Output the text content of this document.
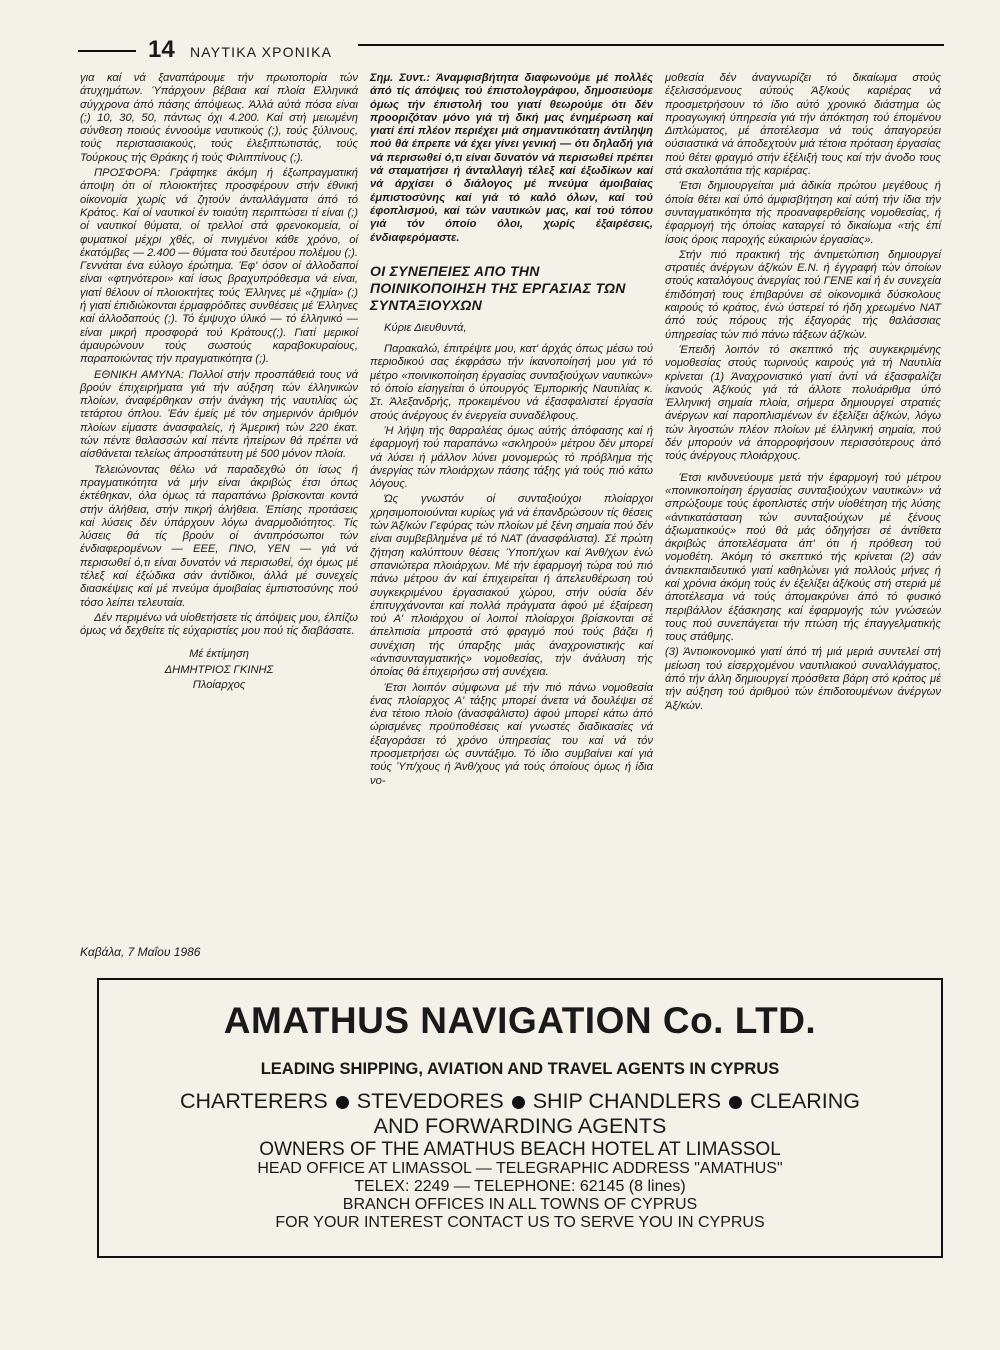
14 ΝΑΥΤΙΚΑ ΧΡΟΝΙΚΑ

για καί νά ξαναπάρουμε τήν πρωτοπορία τών άτυχημάτων. Ύπάρχουν βέβαια καί πλοία Ελληνικά σύγχρονα άπό πάσης άπόψεως. Άλλά αύτά πόσα είναι (;) 10, 30, 50, πάντως όχι 4.200. Καί στή μειωμένη σύνθεση ποιούς έννοούμε ναυτικούς (;), τούς ξύλινους, τούς περιστασιακούς, τούς έλεξιπτωτιστάς, τούς Τούρκους τής Θράκης ή τούς Φιλιππίνους (;).

ΠΡΟΣΦΟΡΑ: Γράφτηκε άκόμη ή έξωπραγματική άποψη ότι οί πλοιοκτήτες προσφέρουν στήν έθνική οίκονομία χωρίς νά ζητούν άνταλλάγματα άπό τό Κράτος. Καί οί ναυτικοί έν τοιαύτη περιπτώσει τί είναι (;) οί ναυτικοί θύματα, οί τρελλοί στά φρενοκομεία, οί φυματικοί μέχρι χθές, οί πνιγμένοι κάθε χρόνο, οί έκατόμβες — 2.400 — θύματα τού δευτέρου πολέμου (;). Γεννάται ένα εύλογο έρώτημα. Έφ' όσον οί άλλοδαποί είναι «φτηνότεροι» καί ίσως βραχυπρόθεσμα νά είναι, γιατί θέλουν οί πλοιοκτήτες τούς Έλληνες μέ «ζημία» (;) ή γιατί έπιδιώκονται έρμαφρόδιτες συνθέσεις μέ Έλληνες καί άλλοδαπούς (;). Τό έμψυχο ύλικό — τό έλληνικό — είναι μικρή προσφορά τού Κράτους(;). Γιατί μερικοί άμαυρώνουν τούς σωστούς καραβοκυραίους, παραποιώντας τήν πραγματικότητα (;).

ΕΘΝΙΚΗ ΑΜΥΝΑ: Πολλοί στήν προσπάθειά τους νά βρούν έπιχειρήματα γιά τήν αύξηση τών έλληνικών πλοίων, άναφέρθηκαν στήν άνάγκη τής ναυτιλίας ώς τετάρτου όπλου. Έάν έμείς μέ τόν σημερινόν άριθμόν πλοίων είμαστε άνασφαλείς, ή Άμερική τών 220 έκατ. τών πέντε θαλασσών καί πέντε ήπείρων θά πρέπει νά αίσθάνεται τελείως άπροστάτευτη μέ 500 μόνον πλοία.

Τελειώνοντας θέλω νά παραδεχθώ ότι ίσως ή πραγματικότητα νά μήν είναι άκριβώς έτσι όπως έκτέθηκαν, όλα όμως τά παραπάνω βρίσκονται κοντά στήν άλήθεια, στήν πικρή άλήθεια. Έπίσης προτάσεις καί λύσεις δέν ύπάρχουν λόγω άναρμοδιότητος. Τίς λύσεις θά τίς βρούν οί άντιπρόσωποι τών ένδιαφερομένων — ΕΕΕ, ΠΝΟ, ΥΕΝ — γιά νά περισωθεί ό,τι είναι δυνατόν νά περισωθεί, όχι όμως μέ τέλεξ καί έξώδικα σάν άντίδικοι, άλλά μέ συνεχείς διασκέψεις καί μέ πνεύμα άμοιβαίας έμπιστοσύνης πού τόσο λείπει τελευταία.

Δέν περιμένω νά υίοθετήσετε τίς άπόψεις μου, έλπίζω όμως νά δεχθείτε τίς εύχαριστίες μου πού τίς διαβάσατε.

Μέ έκτίμηση

ΔΗΜΗΤΡΙΟΣ ΓΚΙΝΗΣ

Πλοίαρχος

Καβάλα, 7 Μαΐου 1986

Σημ. Συντ.: Άναμφισβήτητα διαφωνούμε μέ πολλές άπό τίς άπόψεις τού έπιστολογράφου, δημοσιεύομε όμως τήν έπιστολή του γιατί θεωρούμε ότι δέν προοριζόταν μόνο γιά τή δική μας ένημέρωση καί γιατί έπί πλέον περιέχει μιά σημαντικότατη άντίληψη πού θά έπρεπε νά έχει γίνει γενική — ότι δηλαδή γιά νά περισωθεί ό,τι είναι δυνατόν νά περισωθεί πρέπει νά σταματήσει ή άνταλλαγή τέλεξ καί έξωδίκων καί νά άρχίσει ό διάλογος μέ πνεύμα άμοιβαίας έμπιστοσύνης καί γιά τό καλό όλων, καί τού έφοπλισμού, καί τών ναυτικών μας, καί τού τόπου γιά τόν όποίο όλοι, χωρίς έξαιρέσεις, ένδιαφερόμαστε.

ΟΙ ΣΥΝΕΠΕΙΕΣ ΑΠΟ ΤΗΝ ΠΟΙΝΙΚΟΠΟΙΗΣΗ ΤΗΣ ΕΡΓΑΣΙΑΣ ΤΩΝ ΣΥΝΤΑΞΙΟΥΧΩΝ

Κύριε Διευθυντά,

Παρακαλώ, έπιτρέψτε μου, κατ' άρχάς όπως μέσω τού περιοδικού σας έκφράσω τήν ίκανοποίησή μου γιά τό μέτρο «ποινικοποίηση έργασίας συνταξιούχων ναυτικών» τό όποίο είσηγείται ό ύπουργός Έμπορικής Ναυτιλίας κ. Στ. Άλεξανδρής, προκειμένου νά έξασφαλιστεί έργασία στούς άνέργους έν ένεργεία συναδέλφους.

Ή λήψη τής θαρραλέας όμως αύτής άπόφασης καί ή έφαρμογή τού παραπάνω «σκληρού» μέτρου δέν μπορεί νά λύσει ή μάλλον λύνει μονομερώς τό πρόβλημα τής άνεργίας τών πλοιάρχων πάσης τάξης γιά τούς πιό κάτω λόγους.

Ώς γνωστόν οί συνταξιούχοι πλοίαρχοι χρησιμοποιούνται κυρίως γιά νά έπανδρώσουν τίς θέσεις τών Άξ/κών Γεφύρας τών πλοίων μέ ξένη σημαία πού δέν είναι συμβεβλημένα μέ τό ΝΑΤ (άνασφάλιστα). Σέ πρώτη ζήτηση καλύπτουν θέσεις Ύποπ/χων καί Άνθ/χων ένώ σπανιώτερα πλοιάρχων. Μέ τήν έφαρμογή τώρα τού πιό πάνω μέτρου άν καί έπιχειρείται ή άπελευθέρωση τού συγκεκριμένου έργασιακού χώρου, στήν ούσία δέν έπιτυγχάνονται καί πολλά πράγματα άφού μέ έξαίρεση τού Α' πλοιάρχου οί λοιποί πλοίαρχοι βρίσκονται σέ άπελπισία μπροστά στό φραγμό πού τούς βάζει ή συνέχιση τής ύπαρξης μιάς άναχρονιστικής καί «άντισυνταγματικής» νομοθεσίας, τήν άνάλυση τής όποίας θά έπιχειρήσω στή συνέχεια.

Έτσι λοιπόν σύμφωνα μέ τήν πιό πάνω νομοθεσία ένας πλοίαρχος Α' τάξης μπορεί άνετα νά δουλέψει σέ ένα τέτοιο πλοίο (άνασφάλιστο) άφού μπορεί κάτω άπό ώρισμένες προϋποθέσεις καί γνωστές διαδικασίες νά έξαγοράσει τό χρόνο ύπηρεσίας του καί νά τόν προσμετρήσει ώς συντάξιμο. Τό ίδιο συμβαίνει καί γιά τούς Ύπ/χους ή Άνθ/χους γιά τούς όποίους όμως ή ίδια νο-

μοθεσία δέν άναγνωρίζει τό δικαίωμα στούς έξελισσόμενους αύτούς Άξ/κούς καριέρας νά προσμετρήσουν τό ίδιο αύτό χρονικό διάστημα ώς προαγωγική ύπηρεσία γιά τήν άπόκτηση τού έπομένου Διπλώματος, μέ άποτέλεσμα νά τούς άπαγορεύει ούσιαστικά νά άποδεχτούν μιά τέτοια πρόταση έργασίας πού θέτει φραγμό στήν έξέλιξή τους καί τήν άνοδο τους στά σκαλοπάτια τής καριέρας.

Έτσι δημιουργείται μιά άδικία πρώτου μεγέθους ή όποία θέτει καί ύπό άμφισβήτηση καί αύτή τήν ίδια τήν συνταγματικότητα τής προαναφερθείσης νομοθεσίας, ή έφαρμογή τής όποίας καταργεί τό δικαίωμα «τής έπί ίσοις όροις παροχής εύκαιριών έργασίας».

Στήν πιό πρακτική τής άντιμετώπιση δημιουργεί στρατιές άνέργων άξ/κών Ε.Ν. ή έγγραφή τών όποίων στούς καταλόγους άνεργίας τού ΓΕΝΕ καί ή έν συνεχεία έπιδότησή τους έπιβαρύνει σέ οίκονομικά δύσκολους καιρούς τό κράτος, ένώ ύστερεί τό ήδη χρεωμένο ΝΑΤ άπό τούς πόρους τής έξαγοράς τής θαλάσσιας ύπηρεσίας τών πιό πάνω τάξεων άξ/κών.

Έπειδή λοιπόν τό σκεπτικό τής συγκεκριμένης νομοθεσίας στούς τωρινούς καιρούς γιά τή Ναυτιλία κρίνεται (1) Άναχρονιστικό γιατί άντί νά έξασφαλίζει ίκανούς Άξ/κούς γιά τά άλλοτε πολυάριθμα ύπό Έλληνική σημαία πλοία, σήμερα δημιουργεί στρατιές άνέργων καί παροπλισμένων έν έξελίξει άξ/κών, λόγω τών λιγοστών πλέον πλοίων μέ έλληνική σημαία, πού δέν μπορούν νά άπορροφήσουν περισσότερους άπό τούς άνέργους πλοιάρχους.

Έτσι κινδυνεύουμε μετά τήν έφαρμογή τού μέτρου «ποινικοποίηση έργασίας συνταξιούχων ναυτικών» νά σπρώξουμε τούς έφοπλιστές στήν υίοθέτηση τής λύσης «άντικατάσταση τών συνταξιούχων μέ ξένους άξιωματικούς» πού θά μάς όδηγήσει σέ άντίθετα άκριβώς άποτελέσματα άπ' ότι ή πρόθεση τού νομοθέτη. Άκόμη τό σκεπτικό τής κρίνεται (2) σάν άντιεκπαιδευτικό γιατί καθηλώνει γιά πολλούς μήνες ή καί χρόνια άκόμη τούς έν έξελίξει άξ/κούς στή στεριά μέ άποτέλεσμα νά τούς άπομακρύνει άπό τό φυσικό περιβάλλον έξάσκησης καί έφαρμογής τών γνώσεών τους πού συνεπάγεται τήν πτώση τής έπαγγελματικής τους στάθμης.

(3) Άντιοικονομικό γιατί άπό τή μιά μεριά συντελεί στή μείωση τού είσερχομένου ναυτιλιακού συναλλάγματος, άπό τήν άλλη δημιουργεί πρόσθετα βάρη στό κράτος μέ τήν αύξηση τού άριθμού τών έπιδοτουμένων άνέργων Άξ/κών.

AMATHUS NAVIGATION Co. LTD.
LEADING SHIPPING, AVIATION AND TRAVEL AGENTS IN CYPRUS
CHARTERERS STEVEDORES SHIP CHANDLERS CLEARING
AND FORWARDING AGENTS
OWNERS OF THE AMATHUS BEACH HOTEL AT LIMASSOL
HEAD OFFICE AT LIMASSOL — TELEGRAPHIC ADDRESS "AMATHUS"
TELEX: 2249 — TELEPHONE: 62145 (8 lines)
BRANCH OFFICES IN ALL TOWNS OF CYPRUS
FOR YOUR INTEREST CONTACT US TO SERVE YOU IN CYPRUS
